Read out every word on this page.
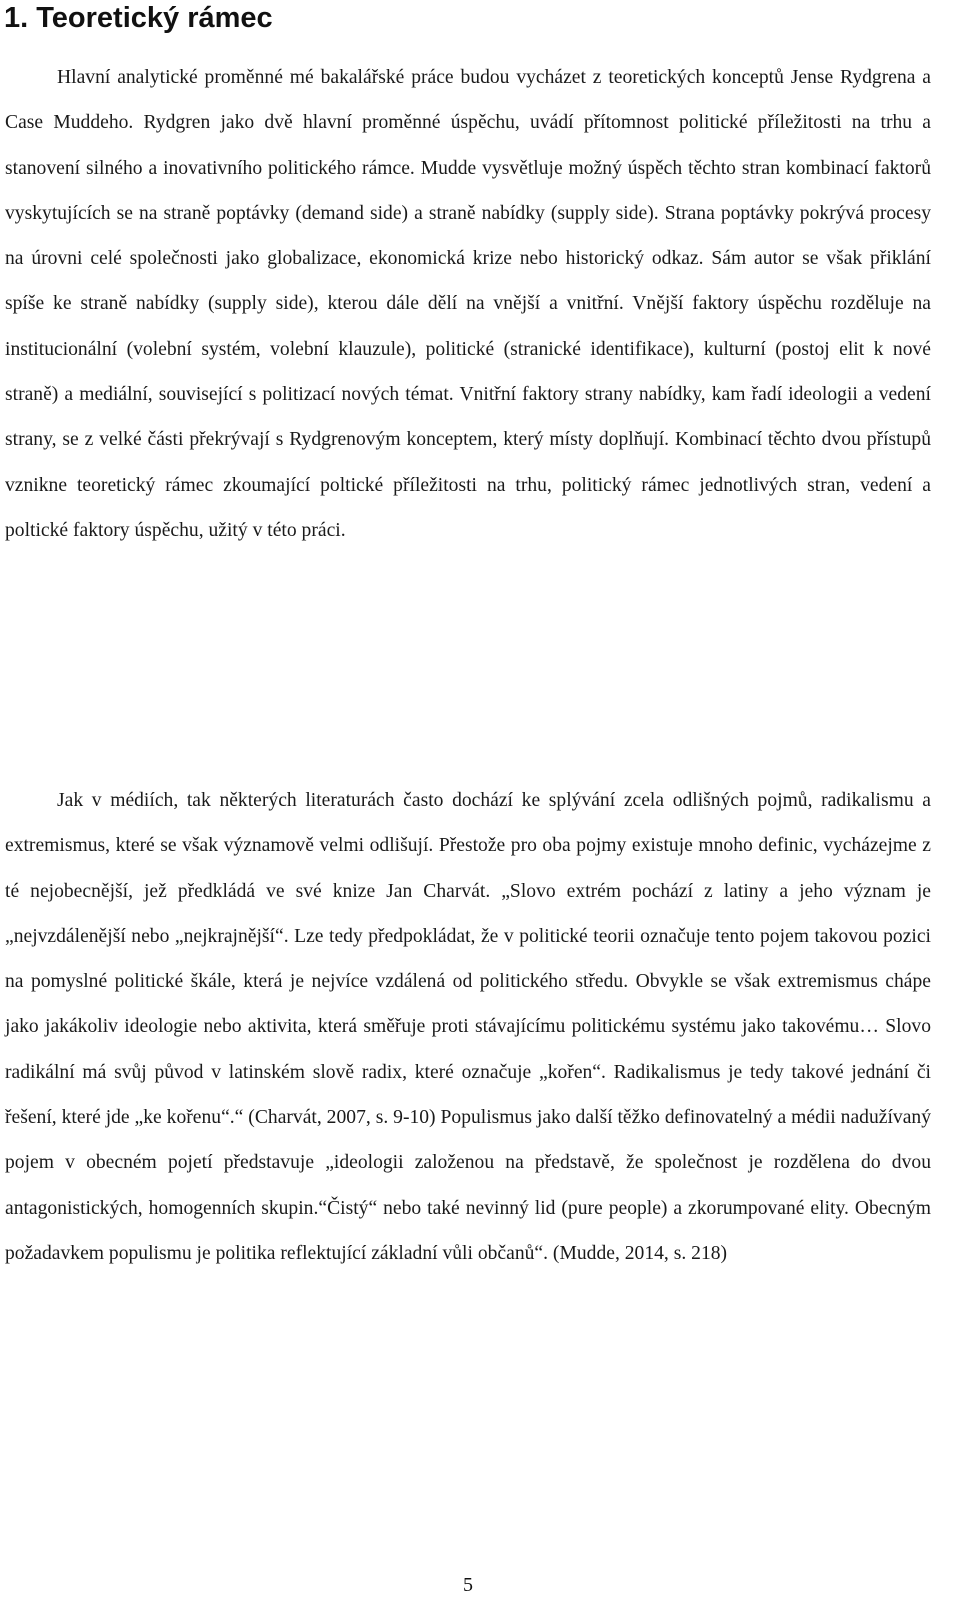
1. Teoretický rámec

Hlavní analytické proměnné mé bakalářské práce budou vycházet z teoretických konceptů Jense Rydgrena a Case Muddeho. Rydgren jako dvě hlavní proměnné úspěchu, uvádí přítomnost politické příležitosti na trhu a stanovení silného a inovativního politického rámce. Mudde vysvětluje možný úspěch těchto stran kombinací faktorů vyskytujících se na straně poptávky (demand side) a straně nabídky (supply side). Strana poptávky pokrývá procesy na úrovni celé společnosti jako globalizace, ekonomická krize nebo historický odkaz. Sám autor se však přiklání spíše ke straně nabídky (supply side), kterou dále dělí na vnější a vnitřní. Vnější faktory úspěchu rozděluje na institucionální (volební systém, volební klauzule), politické (stranické identifikace), kulturní (postoj elit k nové straně) a mediální, související s politizací nových témat. Vnitřní faktory strany nabídky, kam řadí ideologii a vedení strany, se z velké části překrývají s Rydgrenovým konceptem, který místy doplňují. Kombinací těchto dvou přístupů vznikne teoretický rámec zkoumající poltické příležitosti na trhu, politický rámec jednotlivých stran, vedení a poltické faktory úspěchu, užitý v této práci.

Jak v médiích, tak některých literaturách často dochází ke splývání zcela odlišných pojmů, radikalismu a extremismus, které se však významově velmi odlišují. Přestože pro oba pojmy existuje mnoho definic, vycházejme z té nejobecnější, jež předkládá ve své knize Jan Charvát. „Slovo extrém pochází z latiny a jeho význam je „nejvzdálenější nebo „nejkrajnější“. Lze tedy předpokládat, že v politické teorii označuje tento pojem takovou pozici na pomyslné politické škále, která je nejvíce vzdálená od politického středu. Obvykle se však extremismus chápe jako jakákoliv ideologie nebo aktivita, která směřuje proti stávajícímu politickému systému jako takovému… Slovo radikální má svůj původ v latinském slově radix, které označuje „kořen“. Radikalismus je tedy takové jednání či řešení, které jde „ke kořenu“.“ (Charvát, 2007, s. 9-10) Populismus jako další těžko definovatelný a médii nadužívaný pojem v obecném pojetí představuje „ideologii založenou na představě, že společnost je rozdělena do dvou antagonistických, homogenních skupin.“Čistý“ nebo také nevinný lid (pure people) a zkorumpované elity. Obecným požadavkem populismu je politika reflektující základní vůli občanů“. (Mudde, 2014, s. 218)

5
